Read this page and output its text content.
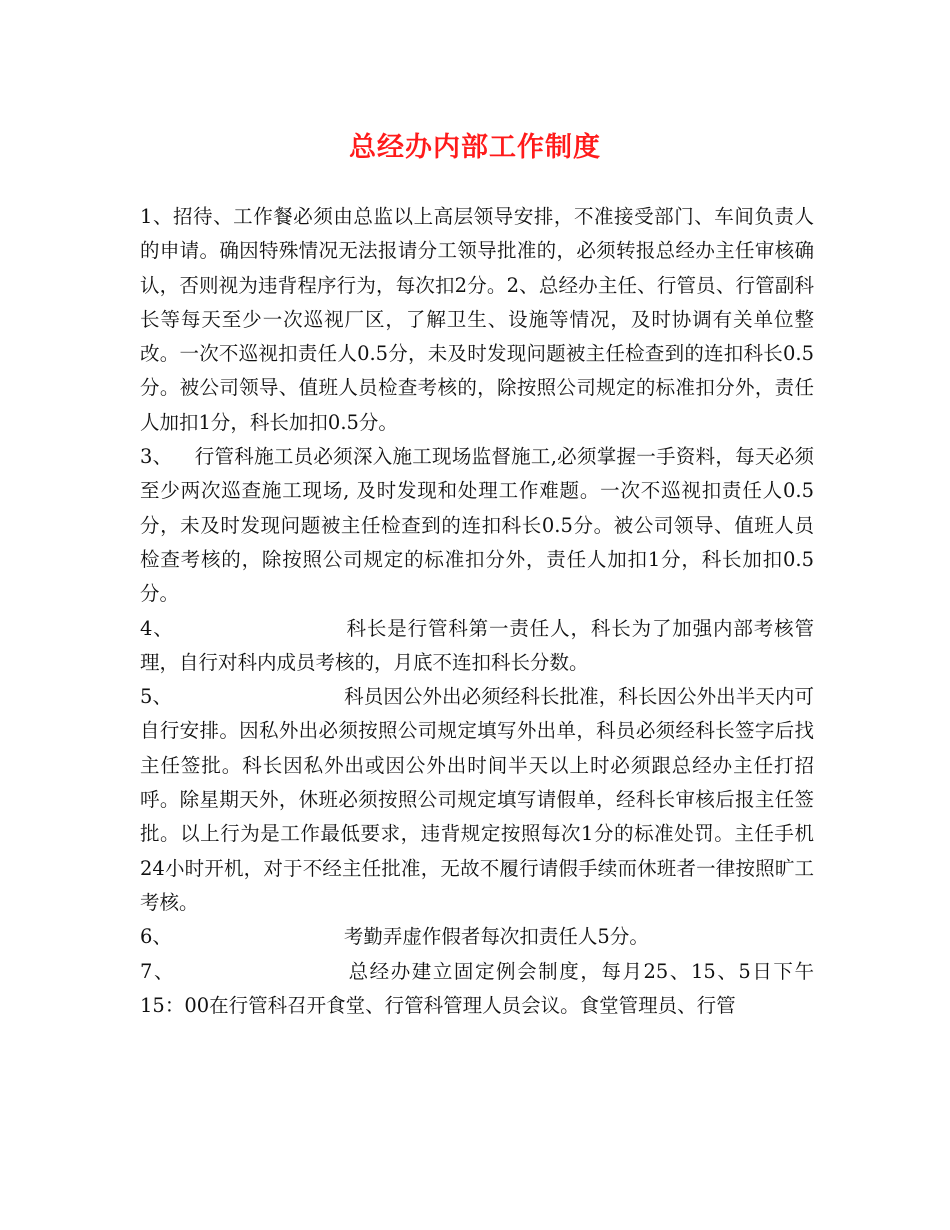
总经办内部工作制度

1、招待、工作餐必须由总监以上高层领导安排，不准接受部门、车间负责人的申请。确因特殊情况无法报请分工领导批准的，必须转报总经办主任审核确认，否则视为违背程序行为，每次扣2分。2、总经办主任、行管员、行管副科长等每天至少一次巡视厂区，了解卫生、设施等情况，及时协调有关单位整改。一次不巡视扣责任人0.5分，未及时发现问题被主任检查到的连扣科长0.5分。被公司领导、值班人员检查考核的，除按照公司规定的标准扣分外，责任人加扣1分，科长加扣0.5分。

3、 行管科施工员必须深入施工现场监督施工,必须掌握一手资料，每天必须至少两次巡查施工现场, 及时发现和处理工作难题。一次不巡视扣责任人0.5分，未及时发现问题被主任检查到的连扣科长0.5分。被公司领导、值班人员检查考核的，除按照公司规定的标准扣分外，责任人加扣1分，科长加扣0.5分。

4、	科长是行管科第一责任人，科长为了加强内部考核管理，自行对科内成员考核的，月底不连扣科长分数。

5、	科员因公外出必须经科长批准，科长因公外出半天内可自行安排。因私外出必须按照公司规定填写外出单，科员必须经科长签字后找主任签批。科长因私外出或因公外出时间半天以上时必须跟总经办主任打招呼。除星期天外，休班必须按照公司规定填写请假单，经科长审核后报主任签批。以上行为是工作最低要求，违背规定按照每次1分的标准处罚。主任手机24小时开机，对于不经主任批准，无故不履行请假手续而休班者一律按照旷工考核。

6、	考勤弄虚作假者每次扣责任人5分。

7、	总经办建立固定例会制度，每月25、15、5日下午15：00在行管科召开食堂、行管科管理人员会议。食堂管理员、行管
